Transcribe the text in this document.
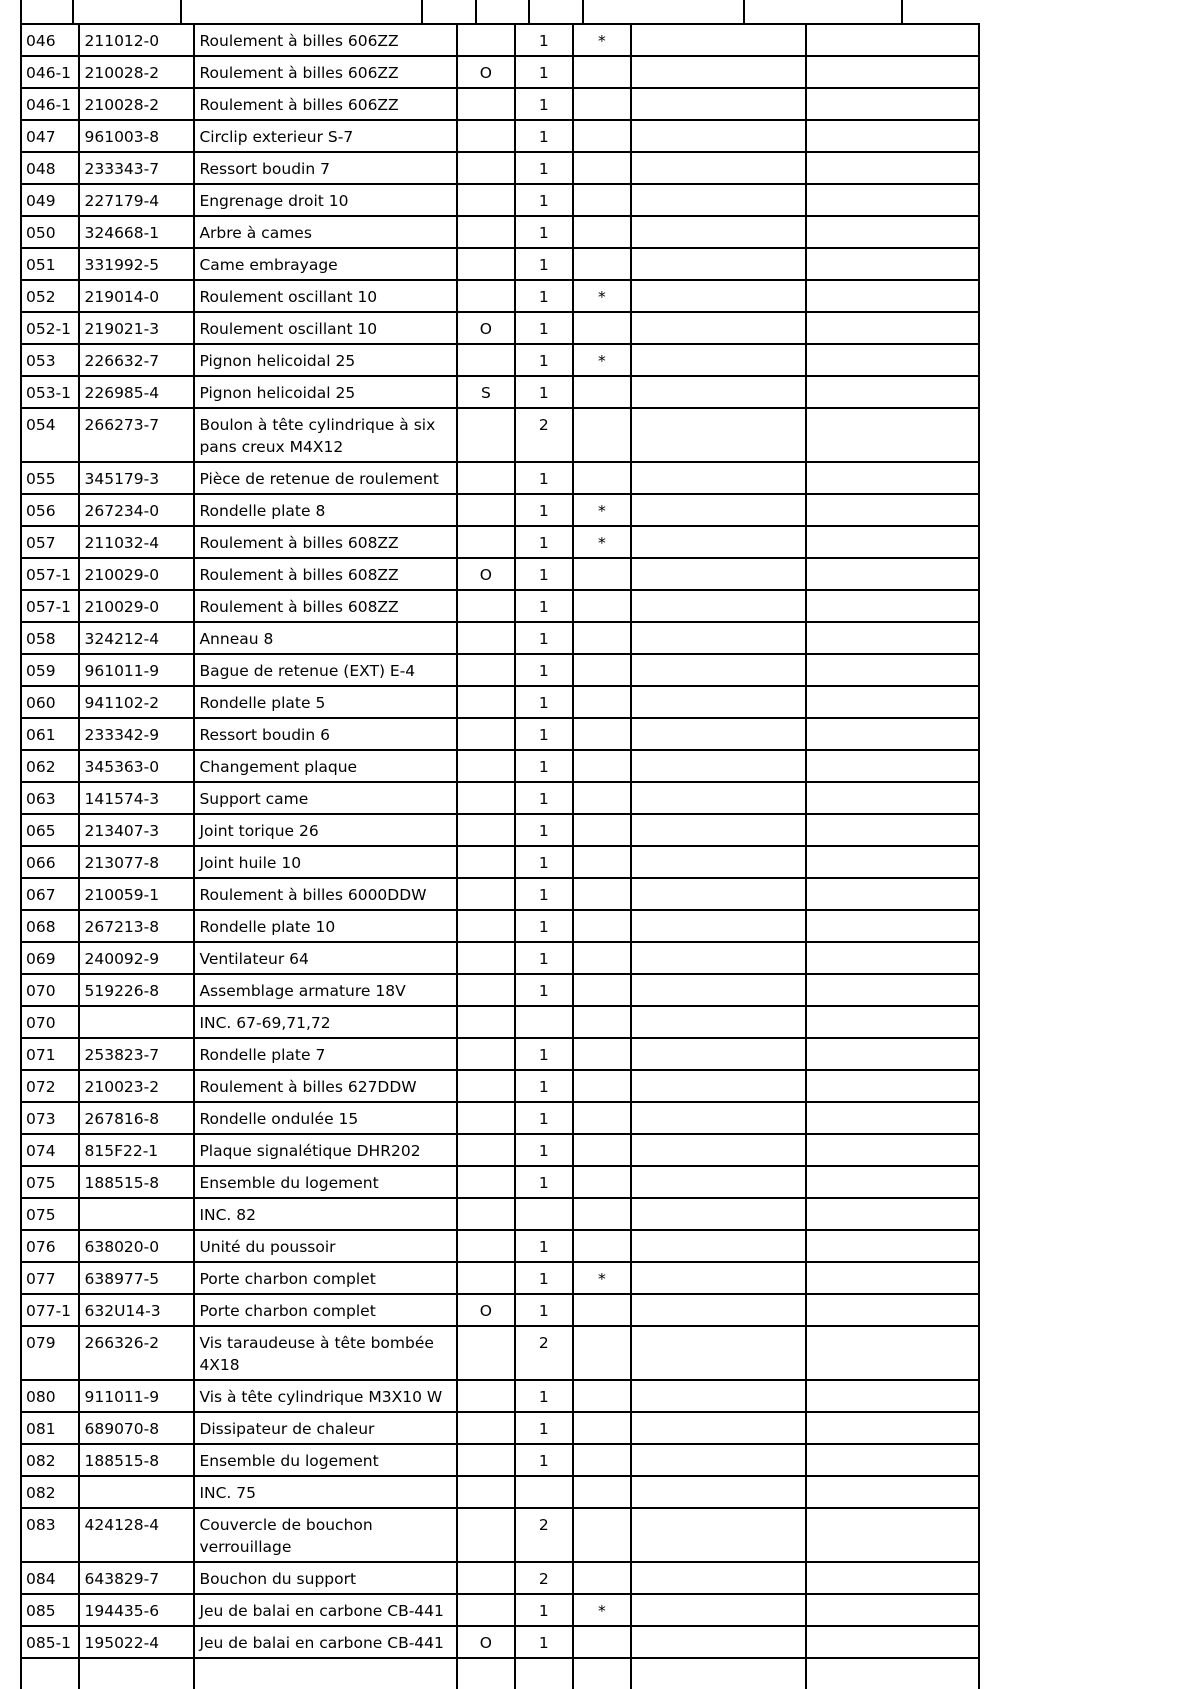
046	211012-0	Roulement à billes 606ZZ		1	*		
046-1	210028-2	Roulement à billes 606ZZ	O	1			
046-1	210028-2	Roulement à billes 606ZZ		1			
047	961003-8	Circlip exterieur S-7		1			
048	233343-7	Ressort boudin 7		1			
049	227179-4	Engrenage droit 10		1			
050	324668-1	Arbre à cames		1			
051	331992-5	Came embrayage		1			
052	219014-0	Roulement oscillant 10		1	*		
052-1	219021-3	Roulement oscillant 10	O	1			
053	226632-7	Pignon helicoidal 25		1	*		
053-1	226985-4	Pignon helicoidal 25	S	1			
054	266273-7	Boulon à tête cylindrique à six pans creux M4X12		2			
055	345179-3	Pièce de retenue de roulement		1			
056	267234-0	Rondelle plate 8		1	*		
057	211032-4	Roulement à billes 608ZZ		1	*		
057-1	210029-0	Roulement à billes 608ZZ	O	1			
057-1	210029-0	Roulement à billes 608ZZ		1			
058	324212-4	Anneau 8		1			
059	961011-9	Bague de retenue (EXT) E-4		1			
060	941102-2	Rondelle plate 5		1			
061	233342-9	Ressort boudin 6		1			
062	345363-0	Changement plaque		1			
063	141574-3	Support came		1			
065	213407-3	Joint torique 26		1			
066	213077-8	Joint huile 10		1			
067	210059-1	Roulement à billes 6000DDW		1			
068	267213-8	Rondelle plate 10		1			
069	240092-9	Ventilateur 64		1			
070	519226-8	Assemblage armature 18V		1			
070		INC. 67-69,71,72					
071	253823-7	Rondelle plate 7		1			
072	210023-2	Roulement à billes 627DDW		1			
073	267816-8	Rondelle ondulée 15		1			
074	815F22-1	Plaque signalétique DHR202		1			
075	188515-8	Ensemble du logement		1			
075		INC. 82					
076	638020-0	Unité du poussoir		1			
077	638977-5	Porte charbon complet		1	*		
077-1	632U14-3	Porte charbon complet	O	1			
079	266326-2	Vis taraudeuse à tête bombée 4X18		2			
080	911011-9	Vis à tête cylindrique M3X10 W		1			
081	689070-8	Dissipateur de chaleur		1			
082	188515-8	Ensemble du logement		1			
082		INC. 75					
083	424128-4	Couvercle de bouchon verrouillage		2			
084	643829-7	Bouchon du support		2			
085	194435-6	Jeu de balai en carbone CB-441		1	*		
085-1	195022-4	Jeu de balai en carbone CB-441	O	1			
